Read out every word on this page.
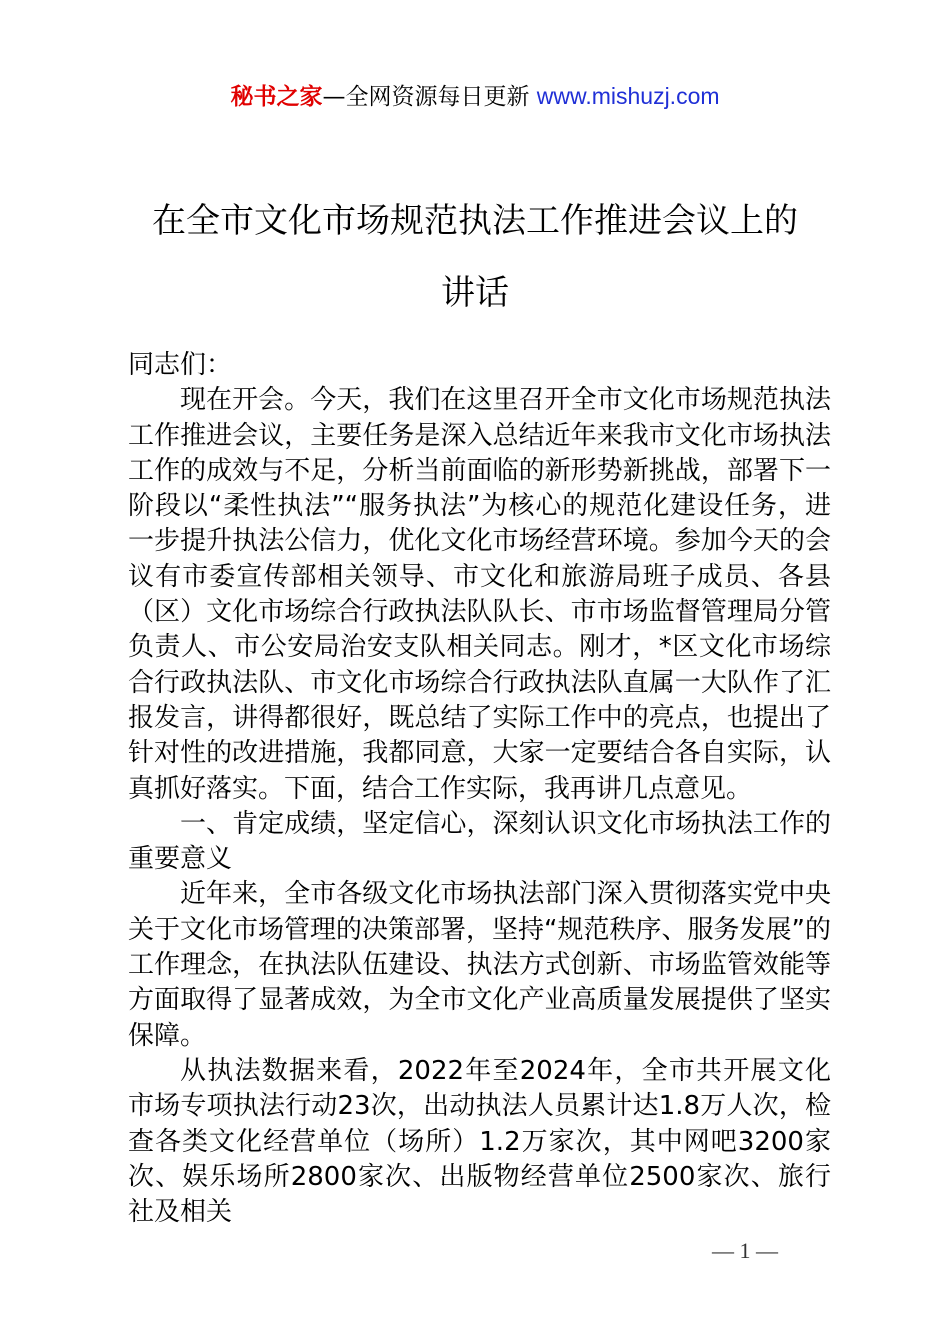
秘书之家—全网资源每日更新 www.mishuzj.com
在全市文化市场规范执法工作推进会议上的
讲话

同志们：

现在开会。今天，我们在这里召开全市文化市场规范执法工作推进会议，主要任务是深入总结近年来我市文化市场执法工作的成效与不足，分析当前面临的新形势新挑战，部署下一阶段以“柔性执法”“服务执法”为核心的规范化建设任务，进一步提升执法公信力，优化文化市场经营环境。参加今天的会议有市委宣传部相关领导、市文化和旅游局班子成员、各县（区）文化市场综合行政执法队队长、市市场监督管理局分管负责人、市公安局治安支队相关同志。刚才，*区文化市场综合行政执法队、市文化市场综合行政执法队直属一大队作了汇报发言，讲得都很好，既总结了实际工作中的亮点，也提出了针对性的改进措施，我都同意，大家一定要结合各自实际，认真抓好落实。下面，结合工作实际，我再讲几点意见。

一、肯定成绩，坚定信心，深刻认识文化市场执法工作的重要意义

近年来，全市各级文化市场执法部门深入贯彻落实党中央关于文化市场管理的决策部署，坚持“规范秩序、服务发展”的工作理念，在执法队伍建设、执法方式创新、市场监管效能等方面取得了显著成效，为全市文化产业高质量发展提供了坚实保障。

从执法数据来看，2022年至2024年，全市共开展文化市场专项执法行动23次，出动执法人员累计达1.8万人次，检查各类文化经营单位（场所）1.2万家次，其中网吧3200家次、娱乐场所2800家次、出版物经营单位2500家次、旅行社及相关

— 1 —
